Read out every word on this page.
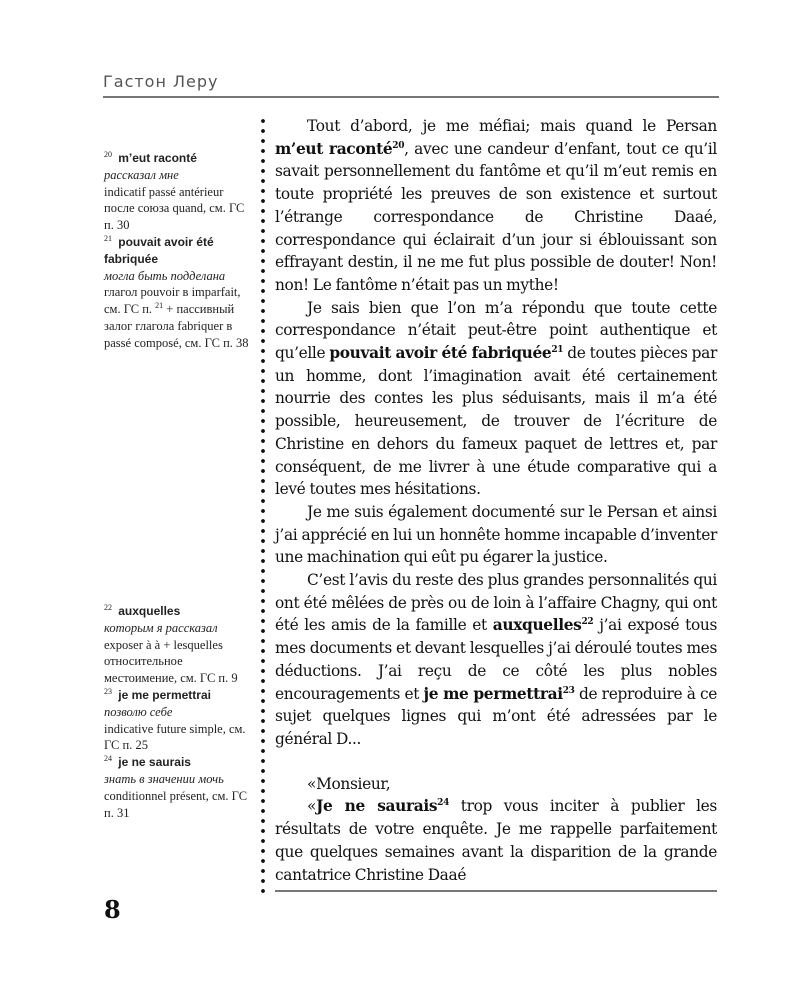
Гастон Леру

$^{20}$ m’eut raconté
рассказал мне
indicatif passé antérieur после союза quand, см. ГС п. 30

$^{21}$ pouvait avoir été fabriquée
могла быть подделана
глагол pouvoir в imparfait, см. ГС п. $^{21}$ + пассивный залог глагола fabriquer в passé composé, см. ГС п. 38

$^{22}$ auxquelles
которым я рассказал
exposer à à + lesquelles относительное местоимение, см. ГС п. 9

$^{23}$ je me permettrai
позволю себе
indicative future simple, см. ГС п. 25

$^{24}$ je ne saurais
знать в значении мочь
conditionnel présent, см. ГС п. 31

Tout d’abord, je me méfiai; mais quand le Persan m’eut raconté$^{20}$, avec une candeur d’enfant, tout ce qu’il savait personnellement du fantôme et qu’il m’eut remis en toute propriété les preuves de son existence et surtout l’étrange correspondance de Christine Daaé, correspondance qui éclairait d’un jour si éblouissant son effrayant destin, il ne me fut plus possible de douter! Non! non! Le fantôme n’était pas un mythe!

Je sais bien que l’on m’a répondu que toute cette correspondance n’était peut-être point authentique et qu’elle pouvait avoir été fabriquée$^{21}$ de toutes pièces par un homme, dont l’imagination avait été certainement nourrie des contes les plus séduisants, mais il m’a été possible, heureusement, de trouver de l’écriture de Christine en dehors du fameux paquet de lettres et, par conséquent, de me livrer à une étude comparative qui a levé toutes mes hésitations.

Je me suis également documenté sur le Persan et ainsi j’ai apprécié en lui un honnête homme incapable d’inventer une machination qui eût pu égarer la justice.

C’est l’avis du reste des plus grandes personnalités qui ont été mêlées de près ou de loin à l’affaire Chagny, qui ont été les amis de la famille et auxquelles$^{22}$ j’ai exposé tous mes documents et devant lesquelles j’ai déroulé toutes mes déductions. J’ai reçu de ce côté les plus nobles encouragements et je me permettrai$^{23}$ de reproduire à ce sujet quelques lignes qui m’ont été adressées par le général D...

«Monsieur,

«Je ne saurais$^{24}$ trop vous inciter à publier les résultats de votre enquête. Je me rappelle parfaitement que quelques semaines avant la disparition de la grande cantatrice Christine Daaé

8
